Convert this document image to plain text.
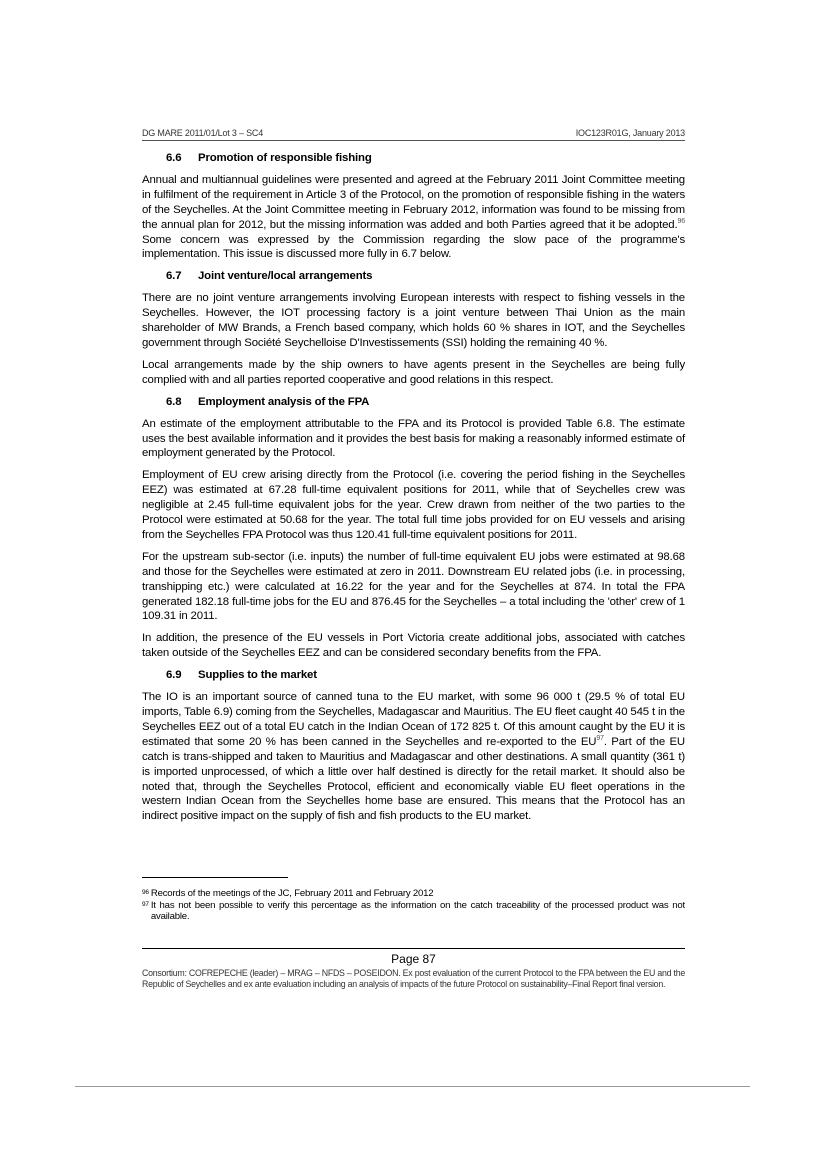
DG MARE 2011/01/Lot 3 – SC4	IOC123R01G, January 2013
6.6	Promotion of responsible fishing

Annual and multiannual guidelines were presented and agreed at the February 2011 Joint Committee meeting in fulfilment of the requirement in Article 3 of the Protocol, on the promotion of responsible fishing in the waters of the Seychelles. At the Joint Committee meeting in February 2012, information was found to be missing from the annual plan for 2012, but the missing information was added and both Parties agreed that it be adopted.$^{96}$ Some concern was expressed by the Commission regarding the slow pace of the programme's implementation. This issue is discussed more fully in 6.7 below.

6.7	Joint venture/local arrangements

There are no joint venture arrangements involving European interests with respect to fishing vessels in the Seychelles. However, the IOT processing factory is a joint venture between Thai Union as the main shareholder of MW Brands, a French based company, which holds 60 % shares in IOT, and the Seychelles government through Société Seychelloise D'Investissements (SSI) holding the remaining 40 %.

Local arrangements made by the ship owners to have agents present in the Seychelles are being fully complied with and all parties reported cooperative and good relations in this respect.

6.8	Employment analysis of the FPA

An estimate of the employment attributable to the FPA and its Protocol is provided Table 6.8. The estimate uses the best available information and it provides the best basis for making a reasonably informed estimate of employment generated by the Protocol.

Employment of EU crew arising directly from the Protocol (i.e. covering the period fishing in the Seychelles EEZ) was estimated at 67.28 full-time equivalent positions for 2011, while that of Seychelles crew was negligible at 2.45 full-time equivalent jobs for the year. Crew drawn from neither of the two parties to the Protocol were estimated at 50.68 for the year. The total full time jobs provided for on EU vessels and arising from the Seychelles FPA Protocol was thus 120.41 full-time equivalent positions for 2011.

For the upstream sub-sector (i.e. inputs) the number of full-time equivalent EU jobs were estimated at 98.68 and those for the Seychelles were estimated at zero in 2011. Downstream EU related jobs (i.e. in processing, transhipping etc.) were calculated at 16.22 for the year and for the Seychelles at 874. In total the FPA generated 182.18 full-time jobs for the EU and 876.45 for the Seychelles – a total including the 'other' crew of 1 109.31 in 2011.

In addition, the presence of the EU vessels in Port Victoria create additional jobs, associated with catches taken outside of the Seychelles EEZ and can be considered secondary benefits from the FPA.

6.9	Supplies to the market

The IO is an important source of canned tuna to the EU market, with some 96 000 t (29.5 % of total EU imports, Table 6.9) coming from the Seychelles, Madagascar and Mauritius. The EU fleet caught 40 545 t in the Seychelles EEZ out of a total EU catch in the Indian Ocean of 172 825 t. Of this amount caught by the EU it is estimated that some 20 % has been canned in the Seychelles and re-exported to the EU$^{97}$. Part of the EU catch is trans-shipped and taken to Mauritius and Madagascar and other destinations. A small quantity (361 t) is imported unprocessed, of which a little over half destined is directly for the retail market. It should also be noted that, through the Seychelles Protocol, efficient and economically viable EU fleet operations in the western Indian Ocean from the Seychelles home base are ensured. This means that the Protocol has an indirect positive impact on the supply of fish and fish products to the EU market.

96 Records of the meetings of the JC, February 2011 and February 2012
97 It has not been possible to verify this percentage as the information on the catch traceability of the processed product was not available.
Page 87
Consortium: COFREPECHE (leader) – MRAG – NFDS – POSEIDON. Ex post evaluation of the current Protocol to the FPA between the EU and the Republic of Seychelles and ex ante evaluation including an analysis of impacts of the future Protocol on sustainability–Final Report final version.
